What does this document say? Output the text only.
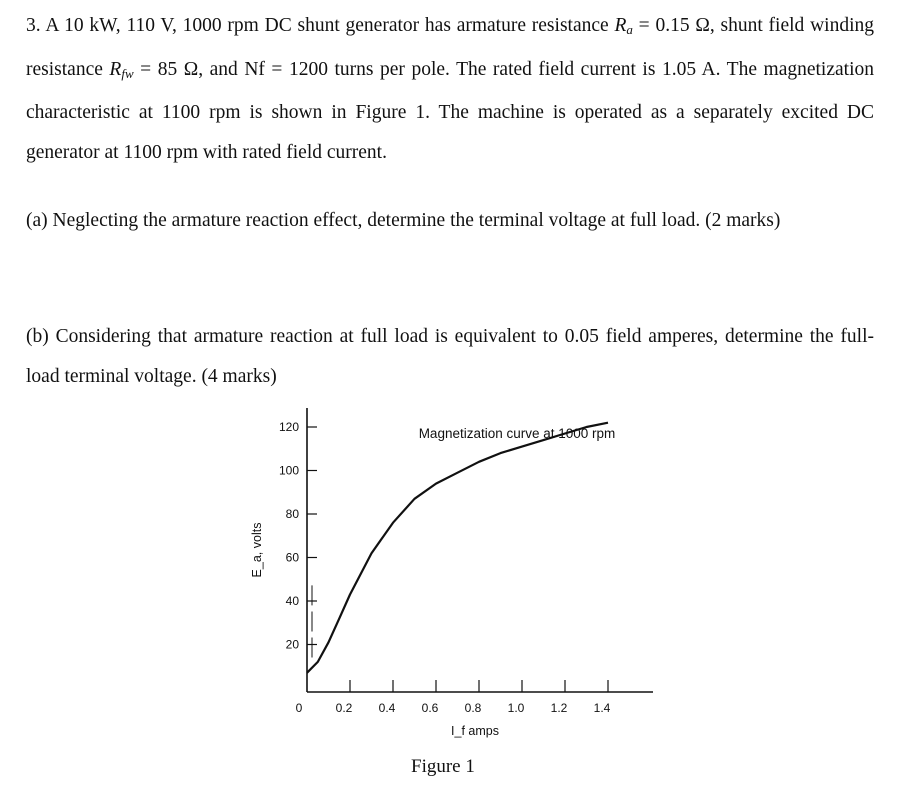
3. A 10 kW, 110 V, 1000 rpm DC shunt generator has armature resistance $R_a = 0.15$ Ω, shunt field winding resistance $R_{fw} = 85$ Ω, and Nf = 1200 turns per pole. The rated field current is 1.05 A. The magnetization characteristic at 1100 rpm is shown in Figure 1. The machine is operated as a separately excited DC generator at 1100 rpm with rated field current.

(a) Neglecting the armature reaction effect, determine the terminal voltage at full load. (2 marks)

(b) Considering that armature reaction at full load is equivalent to 0.05 field amperes, determine the full-load terminal voltage. (4 marks)

20
40
60
80
100
120
0	0.2 0.4 0.6 0.8 1.0 1.2 1.4
Magnetization curve at 1000 rpm
E_a, volts
I_f amps
Figure 1
